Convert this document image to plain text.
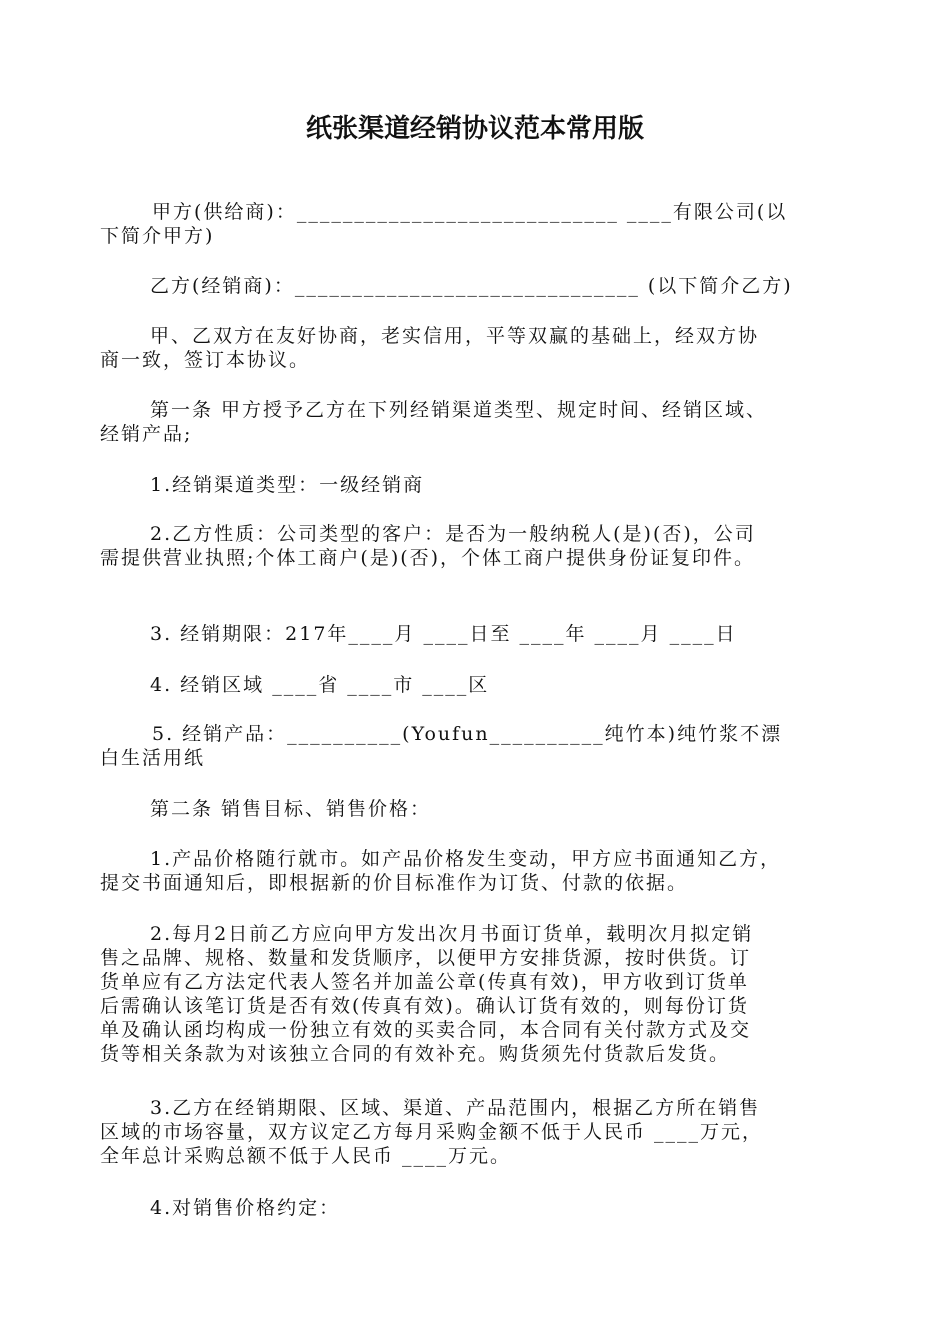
纸张渠道经销协议范本常用版
甲方(供给商)：____________________________ ____有限公司(以
下简介甲方)
乙方(经销商)：______________________________ (以下简介乙方)
甲、乙双方在友好协商，老实信用，平等双赢的基础上，经双方协
商一致，签订本协议。
第一条 甲方授予乙方在下列经销渠道类型、规定时间、经销区域、
经销产品;
1.经销渠道类型：一级经销商
2.乙方性质：公司类型的客户：是否为一般纳税人(是)(否)，公司
需提供营业执照;个体工商户(是)(否)，个体工商户提供身份证复印件。
3. 经销期限：217年____月 ____日至 ____年 ____月 ____日
4. 经销区域 ____省 ____市 ____区
5. 经销产品：__________(Youfun__________纯竹本)纯竹浆不漂
白生活用纸
第二条 销售目标、销售价格：
1.产品价格随行就市。如产品价格发生变动，甲方应书面通知乙方，
提交书面通知后，即根据新的价目标准作为订货、付款的依据。
2.每月2日前乙方应向甲方发出次月书面订货单，载明次月拟定销
售之品牌、规格、数量和发货顺序，以便甲方安排货源，按时供货。订
货单应有乙方法定代表人签名并加盖公章(传真有效)，甲方收到订货单
后需确认该笔订货是否有效(传真有效)。确认订货有效的，则每份订货
单及确认函均构成一份独立有效的买卖合同，本合同有关付款方式及交
货等相关条款为对该独立合同的有效补充。购货须先付货款后发货。
3.乙方在经销期限、区域、渠道、产品范围内，根据乙方所在销售
区域的市场容量，双方议定乙方每月采购金额不低于人民币 ____万元，
全年总计采购总额不低于人民币 ____万元。
4.对销售价格约定：
